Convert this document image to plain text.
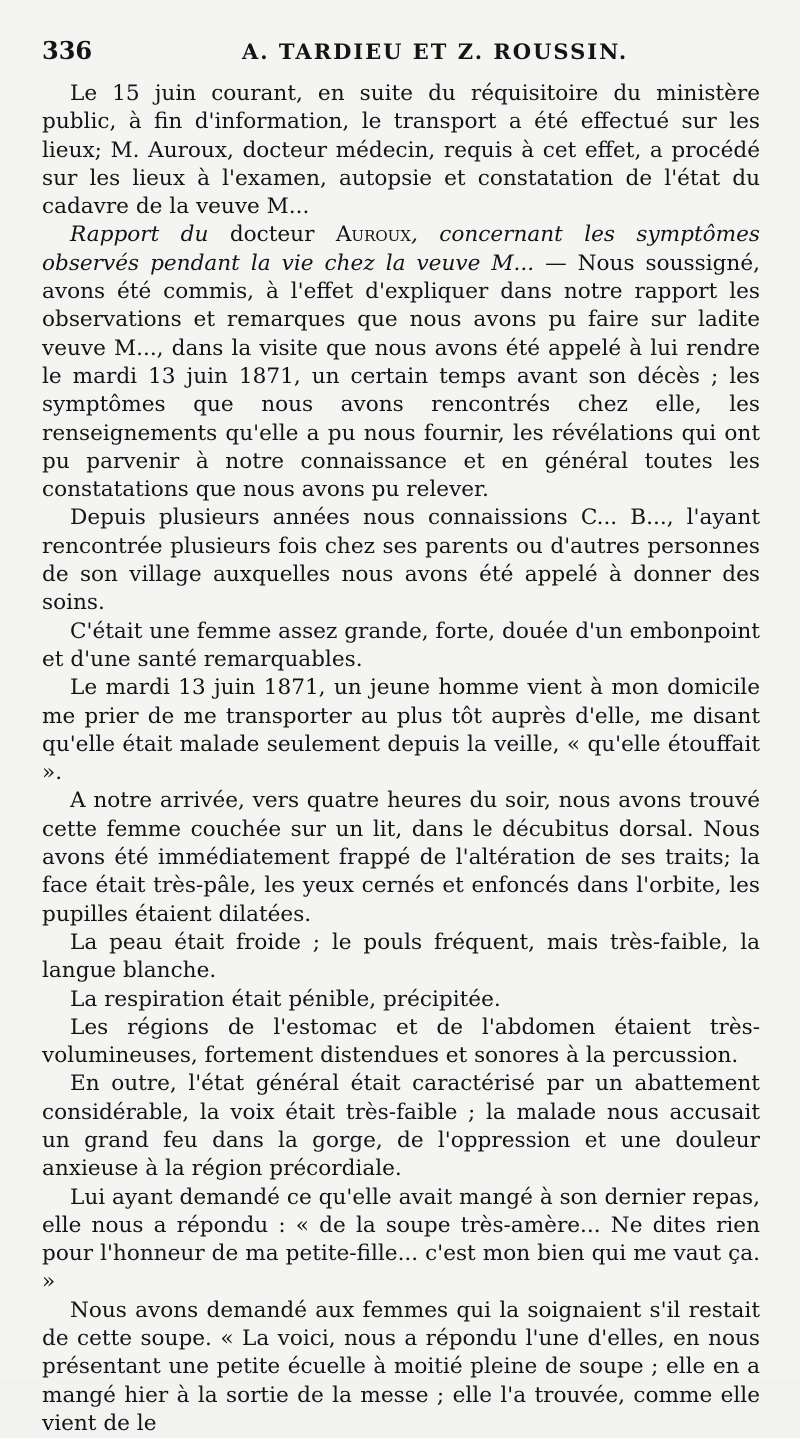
336	A. TARDIEU ET Z. ROUSSIN.

Le 15 juin courant, en suite du réquisitoire du ministère public, à fin d'information, le transport a été effectué sur les lieux; M. Auroux, docteur médecin, requis à cet effet, a procédé sur les lieux à l'examen, autopsie et constatation de l'état du cadavre de la veuve M...

Rapport du docteur Auroux, concernant les symptômes observés pendant la vie chez la veuve M... — Nous soussigné, avons été commis, à l'effet d'expliquer dans notre rapport les observations et remarques que nous avons pu faire sur ladite veuve M..., dans la visite que nous avons été appelé à lui rendre le mardi 13 juin 1871, un certain temps avant son décès ; les symptômes que nous avons rencontrés chez elle, les renseignements qu'elle a pu nous fournir, les révélations qui ont pu parvenir à notre connaissance et en général toutes les constatations que nous avons pu relever.

Depuis plusieurs années nous connaissions C... B..., l'ayant rencontrée plusieurs fois chez ses parents ou d'autres personnes de son village auxquelles nous avons été appelé à donner des soins.

C'était une femme assez grande, forte, douée d'un embonpoint et d'une santé remarquables.

Le mardi 13 juin 1871, un jeune homme vient à mon domicile me prier de me transporter au plus tôt auprès d'elle, me disant qu'elle était malade seulement depuis la veille, « qu'elle étouffait ».

A notre arrivée, vers quatre heures du soir, nous avons trouvé cette femme couchée sur un lit, dans le décubitus dorsal. Nous avons été immédiatement frappé de l'altération de ses traits; la face était très-pâle, les yeux cernés et enfoncés dans l'orbite, les pupilles étaient dilatées.

La peau était froide ; le pouls fréquent, mais très-faible, la langue blanche.

La respiration était pénible, précipitée.

Les régions de l'estomac et de l'abdomen étaient très-volumineuses, fortement distendues et sonores à la percussion.

En outre, l'état général était caractérisé par un abattement considérable, la voix était très-faible ; la malade nous accusait un grand feu dans la gorge, de l'oppression et une douleur anxieuse à la région précordiale.

Lui ayant demandé ce qu'elle avait mangé à son dernier repas, elle nous a répondu : « de la soupe très-amère... Ne dites rien pour l'honneur de ma petite-fille... c'est mon bien qui me vaut ça. »

Nous avons demandé aux femmes qui la soignaient s'il restait de cette soupe. « La voici, nous a répondu l'une d'elles, en nous présentant une petite écuelle à moitié pleine de soupe ; elle en a mangé hier à la sortie de la messe ; elle l'a trouvée, comme elle vient de le
